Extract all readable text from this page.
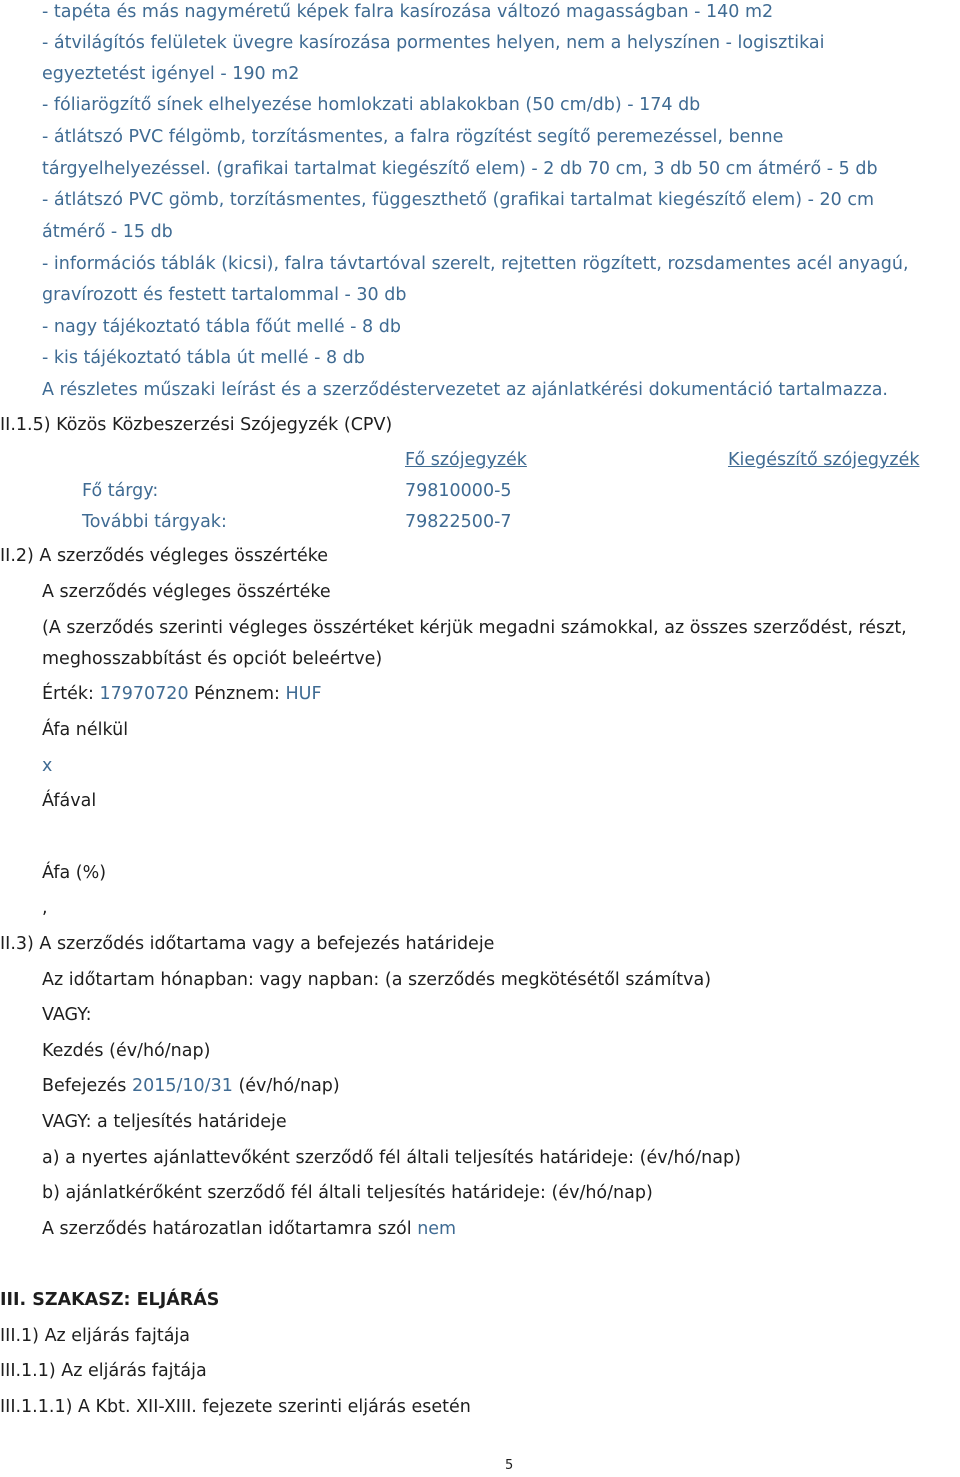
- tapéta és más nagyméretű képek falra kasírozása változó magasságban - 140 m2
- átvilágítós felületek üvegre kasírozása pormentes helyen, nem a helyszínen - logisztikai
egyeztetést igényel - 190 m2
- fóliarögzítő sínek elhelyezése homlokzati ablakokban (50 cm/db) - 174 db
- átlátszó PVC félgömb, torzításmentes, a falra rögzítést segítő peremezéssel, benne
tárgyelhelyezéssel. (grafikai tartalmat kiegészítő elem) - 2 db 70 cm, 3 db 50 cm átmérő - 5 db
- átlátszó PVC gömb, torzításmentes, függeszthető (grafikai tartalmat kiegészítő elem) - 20 cm
átmérő - 15 db
- információs táblák (kicsi), falra távtartóval szerelt, rejtetten rögzített, rozsdamentes acél anyagú,
gravírozott és festett tartalommal - 30 db
- nagy tájékoztató tábla főút mellé - 8 db
- kis tájékoztató tábla út mellé - 8 db
A részletes műszaki leírást és a szerződéstervezetet az ajánlatkérési dokumentáció tartalmazza.
II.1.5) Közös Közbeszerzési Szójegyzék (CPV)
Fő szójegyzék	Kiegészítő szójegyzék
Fő tárgy:	79810000-5
További tárgyak:	79822500-7
II.2) A szerződés végleges összértéke
A szerződés végleges összértéke
(A szerződés szerinti végleges összértéket kérjük megadni számokkal, az összes szerződést, részt,
meghosszabbítást és opciót beleértve)
Érték: 17970720 Pénznem: HUF
Áfa nélkül
x
Áfával
Áfa (%)
,
II.3) A szerződés időtartama vagy a befejezés határideje
Az időtartam hónapban: vagy napban: (a szerződés megkötésétől számítva)
VAGY:
Kezdés (év/hó/nap)
Befejezés 2015/10/31 (év/hó/nap)
VAGY: a teljesítés határideje
a) a nyertes ajánlattevőként szerződő fél általi teljesítés határideje: (év/hó/nap)
b) ajánlatkérőként szerződő fél általi teljesítés határideje: (év/hó/nap)
A szerződés határozatlan időtartamra szól nem
III. SZAKASZ: ELJÁRÁS
III.1) Az eljárás fajtája
III.1.1) Az eljárás fajtája
III.1.1.1) A Kbt. XII-XIII. fejezete szerinti eljárás esetén
5
